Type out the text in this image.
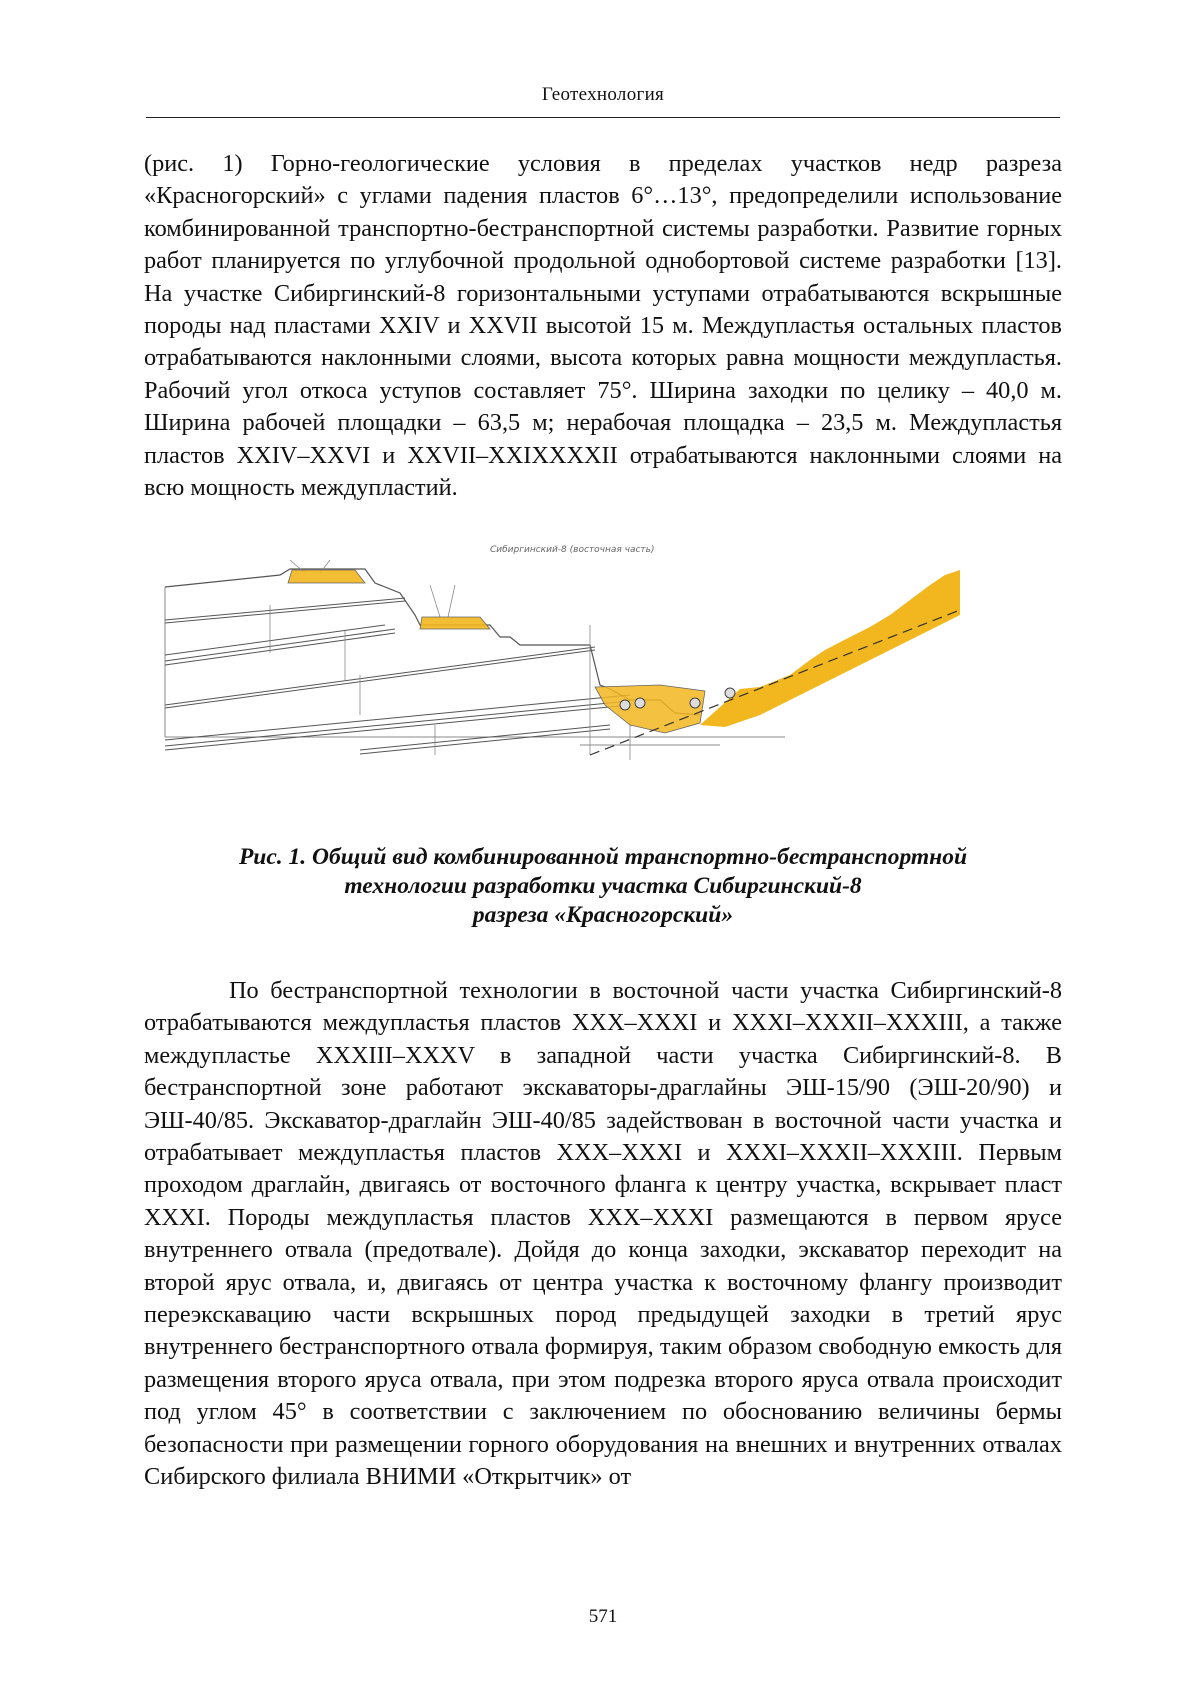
Геотехнология

(рис. 1) Горно-геологические условия в пределах участков недр разреза «Красногорский» с углами падения пластов 6°…13°, предопределили использование комбинированной транспортно-бестранспортной системы разработки. Развитие горных работ планируется по углубочной продольной однобортовой системе разработки [13]. На участке Сибиргинский-8 горизонтальными уступами отрабатываются вскрышные породы над пластами XXIV и XXVII высотой 15 м. Междупластья остальных пластов отрабатываются наклонными слоями, высота которых равна мощности междупластья. Рабочий угол откоса уступов составляет 75°. Ширина заходки по целику – 40,0 м. Ширина рабочей площадки – 63,5 м; нерабочая площадка – 23,5 м. Междупластья пластов XXIV–XXVI и XXVII–XXIXXXXII отрабатываются наклонными слоями на всю мощность междупластий.

Сибиргинский-8 (восточная часть)
Рис. 1. Общий вид комбинированной транспортно-бестранспортной
технологии разработки участка Сибиргинский-8
разреза «Красногорский»

По бестранспортной технологии в восточной части участка Сибиргинский-8 отрабатываются междупластья пластов XXX–XXXI и XXXI–XXXII–XXXIII, а также междупластье XXXIII–XXXV в западной части участка Сибиргинский-8. В бестранспортной зоне работают экскаваторы-драглайны ЭШ-15/90 (ЭШ-20/90) и ЭШ-40/85. Экскаватор-драглайн ЭШ-40/85 задействован в восточной части участка и отрабатывает междупластья пластов XXX–XXXI и XXXI–XXXII–XXXIII. Первым проходом драглайн, двигаясь от восточного фланга к центру участка, вскрывает пласт XXXI. Породы междупластья пластов XXX–XXXI размещаются в первом ярусе внутреннего отвала (предотвале). Дойдя до конца заходки, экскаватор переходит на второй ярус отвала, и, двигаясь от центра участка к восточному флангу производит переэкскавацию части вскрышных пород предыдущей заходки в третий ярус внутреннего бестранспортного отвала формируя, таким образом свободную емкость для размещения второго яруса отвала, при этом подрезка второго яруса отвала происходит под углом 45° в соответствии с заключением по обоснованию величины бермы безопасности при размещении горного оборудования на внешних и внутренних отвалах Сибирского филиала ВНИМИ «Открытчик» от

571
